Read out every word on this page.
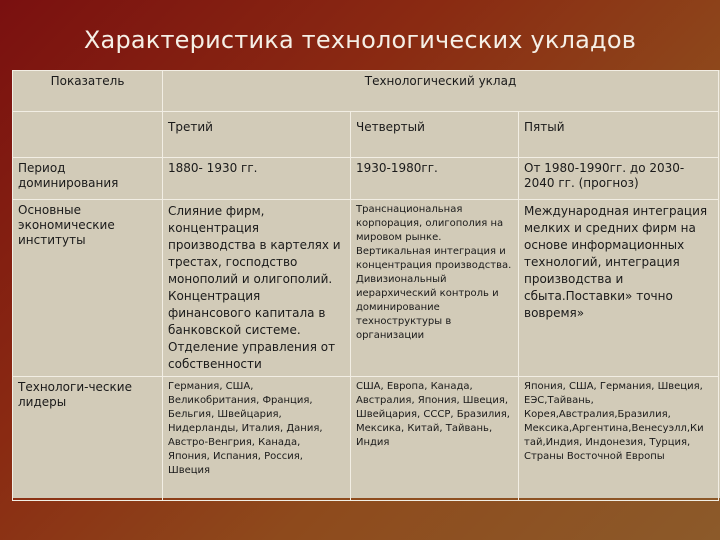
Характеристика технологических укладов
Показатель	Технологический уклад		
	Третий	Четвертый	Пятый
Период доминирования	1880- 1930 гг.	1930-1980гг.	От 1980-1990гг. до 2030-2040 гг. (прогноз)
Основные экономические институты	Слияние фирм, концентрация производства в картелях и трестах, господство монополий и олигополий. Концентрация финансового капитала в банковской системе. Отделение управления от собственности	Транснациональная корпорация, олигополия на мировом рынке. Вертикальная интеграция и концентрация производства. Дивизиональный иерархический контроль и доминирование техноструктуры в организации	Международная интеграция мелких и средних фирм на основе информационных технологий, интеграция производства и сбыта.Поставки» точно вовремя»
Технологи-ческие лидеры	Германия, США, Великобритания, Франция, Бельгия, Швейцария, Нидерланды, Италия, Дания, Австро-Венгрия, Канада, Япония, Испания, Россия, Швеция	США, Европа, Канада, Австралия, Япония, Швеция, Швейцария, СССР, Бразилия, Мексика, Китай, Тайвань, Индия	Япония, США, Германия, Швеция, ЕЭС,Тайвань, Корея,Австралия,Бразилия, Мексика,Аргентина,Венесуэлл,Ки тай,Индия, Индонезия, Турция, Страны Восточной Европы
